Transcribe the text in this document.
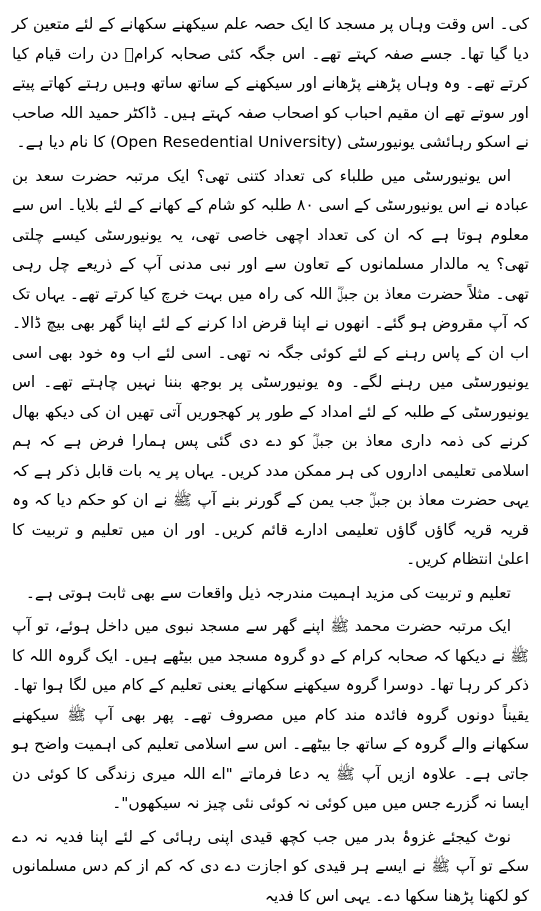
کی۔ اس وقت وہاں پر مسجد کا ایک حصہ علم سیکھنے سکھانے کے لئے متعین کر دیا گیا تھا۔ جسے صفہ کہتے تھے۔ اس جگہ کئی صحابہ کرامؓ دن رات قیام کیا کرتے تھے۔ وہ وہاں پڑھنے پڑھانے اور سیکھنے کے ساتھ ساتھ وہیں رہتے کھاتے پیتے اور سوتے تھے ان مقیم احباب کو اصحاب صفہ کہتے ہیں۔ ڈاکٹر حمید اللہ صاحب نے اسکو رہائشی یونیورسٹی (Open Resedential University) کا نام دیا ہے۔

اس یونیورسٹی میں طلباء کی تعداد کتنی تھی؟ ایک مرتبہ حضرت سعد بن عبادہ نے اس یونیورسٹی کے اسی ۸۰ طلبہ کو شام کے کھانے کے لئے بلایا۔ اس سے معلوم ہوتا ہے کہ ان کی تعداد اچھی خاصی تھی، یہ یونیورسٹی کیسے چلتی تھی؟ یہ مالدار مسلمانوں کے تعاون سے اور نبی مدنی آپ کے ذریعے چل رہی تھی۔ مثلاً حضرت معاذ بن جبلؓ اللہ کی راہ میں بہت خرچ کیا کرتے تھے۔ یہاں تک کہ آپ مقروض ہو گئے۔ انھوں نے اپنا قرض ادا کرنے کے لئے اپنا گھر بھی بیچ ڈالا۔ اب ان کے پاس رہنے کے لئے کوئی جگہ نہ تھی۔ اسی لئے اب وہ خود بھی اسی یونیورسٹی میں رہنے لگے۔ وہ یونیورسٹی پر بوجھ بننا نہیں چاہتے تھے۔ اس یونیورسٹی کے طلبہ کے لئے امداد کے طور پر کھجوریں آتی تھیں ان کی دیکھ بھال کرنے کی ذمہ داری معاذ بن جبلؓ کو دے دی گئی پس ہمارا فرض ہے کہ ہم اسلامی تعلیمی اداروں کی ہر ممکن مدد کریں۔ یہاں پر یہ بات قابل ذکر ہے کہ یہی حضرت معاذ بن جبلؓ جب یمن کے گورنر بنے آپ ﷺ نے ان کو حکم دیا کہ وہ قریہ قریہ گاؤں گاؤں تعلیمی ادارے قائم کریں۔ اور ان میں تعلیم و تربیت کا اعلیٰ انتظام کریں۔

تعلیم و تربیت کی مزید اہمیت مندرجہ ذیل واقعات سے بھی ثابت ہوتی ہے۔

ایک مرتبہ حضرت محمد ﷺ اپنے گھر سے مسجد نبوی میں داخل ہوئے، تو آپ ﷺ نے دیکھا کہ صحابہ کرام کے دو گروہ مسجد میں بیٹھے ہیں۔ ایک گروہ اللہ کا ذکر کر رہا تھا۔ دوسرا گروہ سیکھنے سکھانے یعنی تعلیم کے کام میں لگا ہوا تھا۔ یقیناً دونوں گروہ فائدہ مند کام میں مصروف تھے۔ پھر بھی آپ ﷺ سیکھنے سکھانے والے گروہ کے ساتھ جا بیٹھے۔ اس سے اسلامی تعلیم کی اہمیت واضح ہو جاتی ہے۔ علاوہ ازیں آپ ﷺ یہ دعا فرماتے "اے اللہ میری زندگی کا کوئی دن ایسا نہ گزرے جس میں میں کوئی نہ کوئی نئی چیز نہ سیکھوں"۔

نوٹ کیجئے غزوۂ بدر میں جب کچھ قیدی اپنی رہائی کے لئے اپنا فدیہ نہ دے سکے تو آپ ﷺ نے ایسے ہر قیدی کو اجازت دے دی کہ کم از کم دس مسلمانوں کو لکھنا پڑھنا سکھا دے۔ یہی اس کا فدیہ
